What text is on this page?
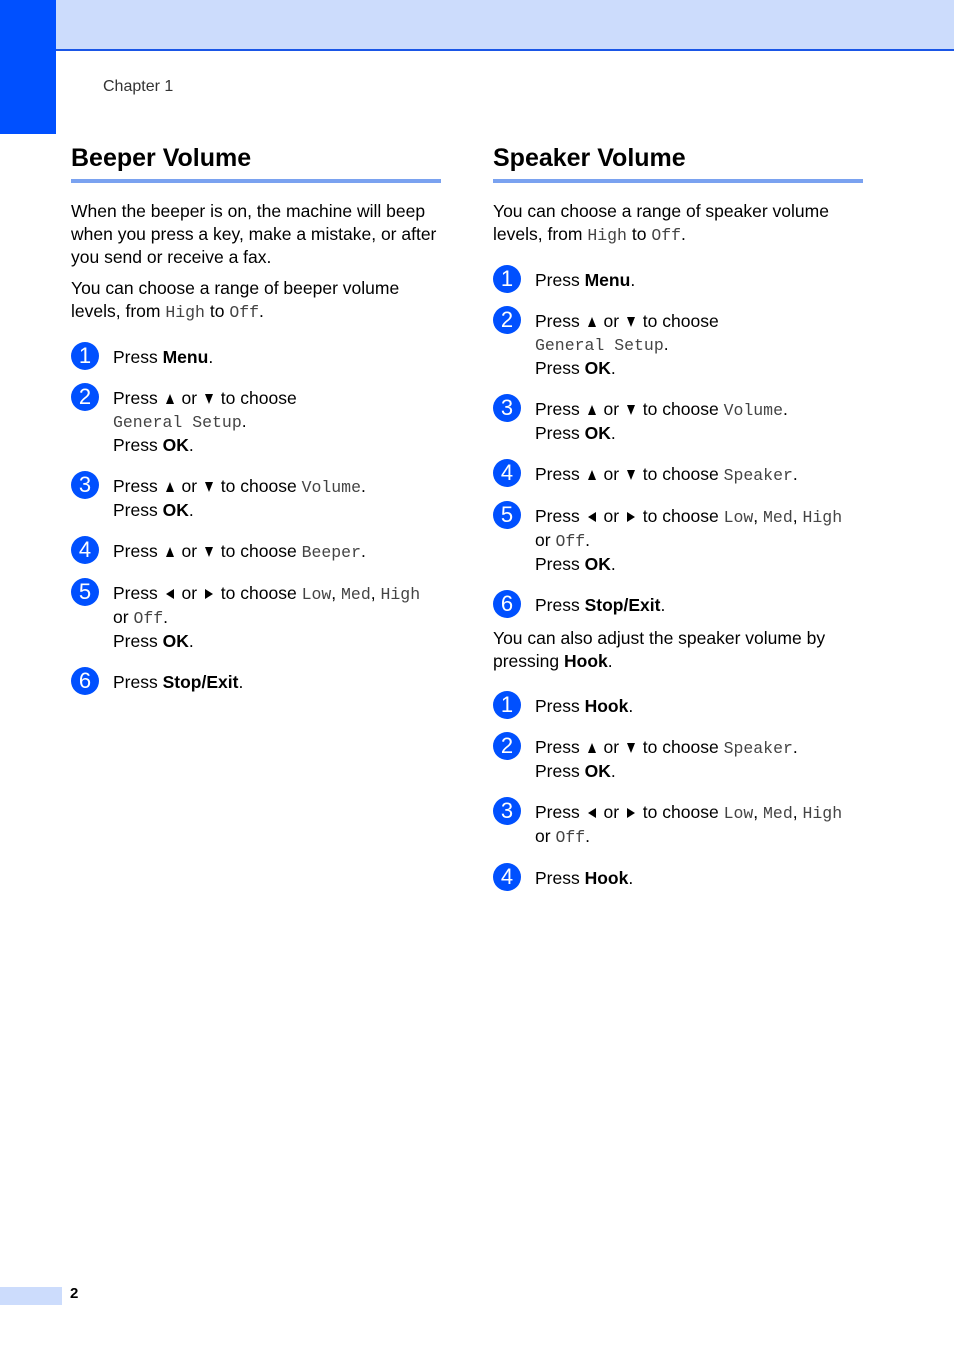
Chapter 1
Beeper Volume

When the beeper is on, the machine will beep when you press a key, make a mistake, or after you send or receive a fax.

You can choose a range of beeper volume levels, from High to Off.

1	Press Menu.
2	Press or to choose
General Setup.
Press OK.
3	Press or to choose Volume.
Press OK.
4	Press or to choose Beeper.
5	Press or to choose Low, Med, High
or Off.
Press OK.
6	Press Stop/Exit.
Speaker Volume

You can choose a range of speaker volume levels, from High to Off.

1	Press Menu.
2	Press or to choose
General Setup.
Press OK.
3	Press or to choose Volume.
Press OK.
4	Press or to choose Speaker.
5	Press or to choose Low, Med, High
or Off.
Press OK.
6	Press Stop/Exit.

You can also adjust the speaker volume by pressing Hook.

1	Press Hook.
2	Press or to choose Speaker.
Press OK.
3	Press or to choose Low, Med, High
or Off.
4	Press Hook.
2
